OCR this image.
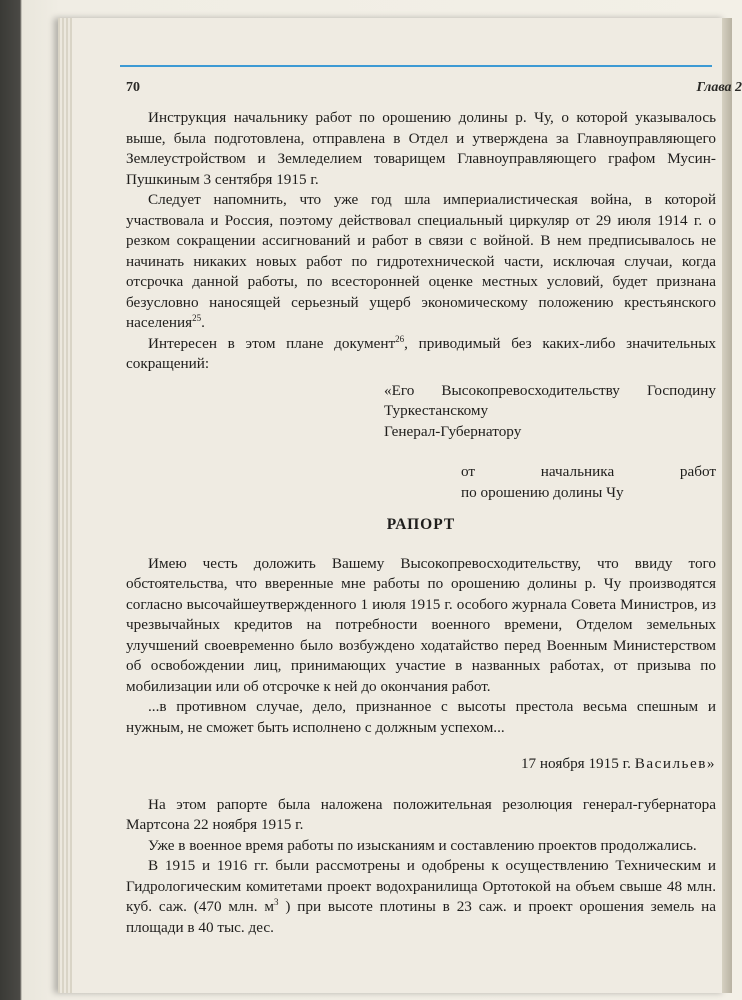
70	Глава 2

Инструкция начальнику работ по орошению долины р. Чу, о которой указывалось выше, была подготовлена, отправлена в Отдел и утверждена за Главноуправляющего Землеустройством и Земледелием товарищем Главноуправляющего графом Мусин-Пушкиным 3 сентября 1915 г.

Следует напомнить, что уже год шла империалистическая война, в которой участвовала и Россия, поэтому действовал специальный циркуляр от 29 июля 1914 г. о резком сокращении ассигнований и работ в связи с войной. В нем предписывалось не начинать никаких новых работ по гидротехнической части, исключая случаи, когда отсрочка данной работы, по всесторонней оценке местных условий, будет признана безусловно наносящей серьезный ущерб экономическому положению крестьянского населения$^{25}$.

Интересен в этом плане документ$^{26}$, приводимый без каких-либо значительных сокращений:

«Его Высокопревосходительству Господину Туркестанскому
Генерал-Губернатору
от начальника работ
по орошению долины Чу

РАПОРТ

Имею честь доложить Вашему Высокопревосходительству, что ввиду того обстоятельства, что вверенные мне работы по орошению долины р. Чу производятся согласно высочайшеутвержденного 1 июля 1915 г. особого журнала Совета Министров, из чрезвычайных кредитов на потребности военного времени, Отделом земельных улучшений своевременно было возбуждено ходатайство перед Военным Министерством об освобождении лиц, принимающих участие в названных работах, от призыва по мобилизации или об отсрочке к ней до окончания работ.

...в противном случае, дело, признанное с высоты престола весьма спешным и нужным, не сможет быть исполнено с должным успехом...

17 ноября 1915 г. Васильев»

На этом рапорте была наложена положительная резолюция генерал-губернатора Мартсона 22 ноября 1915 г.

Уже в военное время работы по изысканиям и составлению проектов продолжались.

В 1915 и 1916 гг. были рассмотрены и одобрены к осуществлению Техническим и Гидрологическим комитетами проект водохранилища Ортотокой на объем свыше 48 млн. куб. саж. (470 млн. $м^3$ ) при высоте плотины в 23 саж. и проект орошения земель на площади в 40 тыс. дес.
